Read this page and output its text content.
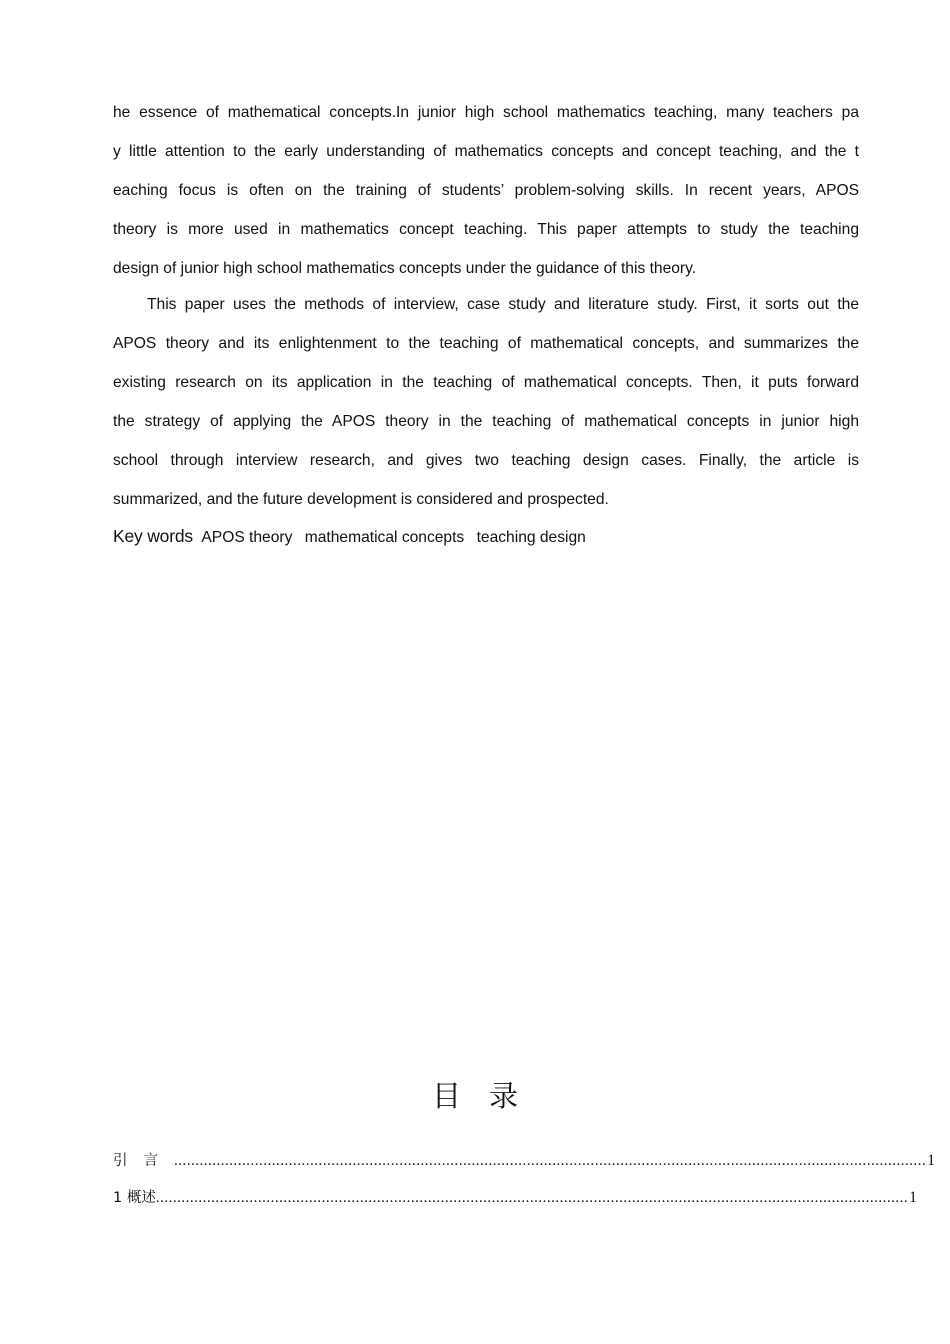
he essence of mathematical concepts.In junior high school mathematics teaching, many teachers pa
y little attention to the early understanding of mathematics concepts and concept teaching, and the t
eaching focus is often on the training of students’ problem-solving skills. In recent years, APOS
theory is more used in mathematics concept teaching. This paper attempts to study the teaching
design of junior high school mathematics concepts under the guidance of this theory.
This paper uses the methods of interview, case study and literature study. First, it sorts out the
APOS theory and its enlightenment to the teaching of mathematical concepts, and summarizes the
existing research on its application in the teaching of mathematical concepts. Then, it puts forward
the strategy of applying the APOS theory in the teaching of mathematical concepts in junior high
school through interview research, and gives two teaching design cases. Finally, the article is
summarized, and the future development is considered and prospected.
Key words APOS theory mathematical concepts teaching design
目录
引言 ................................................................................................................................................................................. 1
1 概述 ................................................................................................................................................................................. 1
